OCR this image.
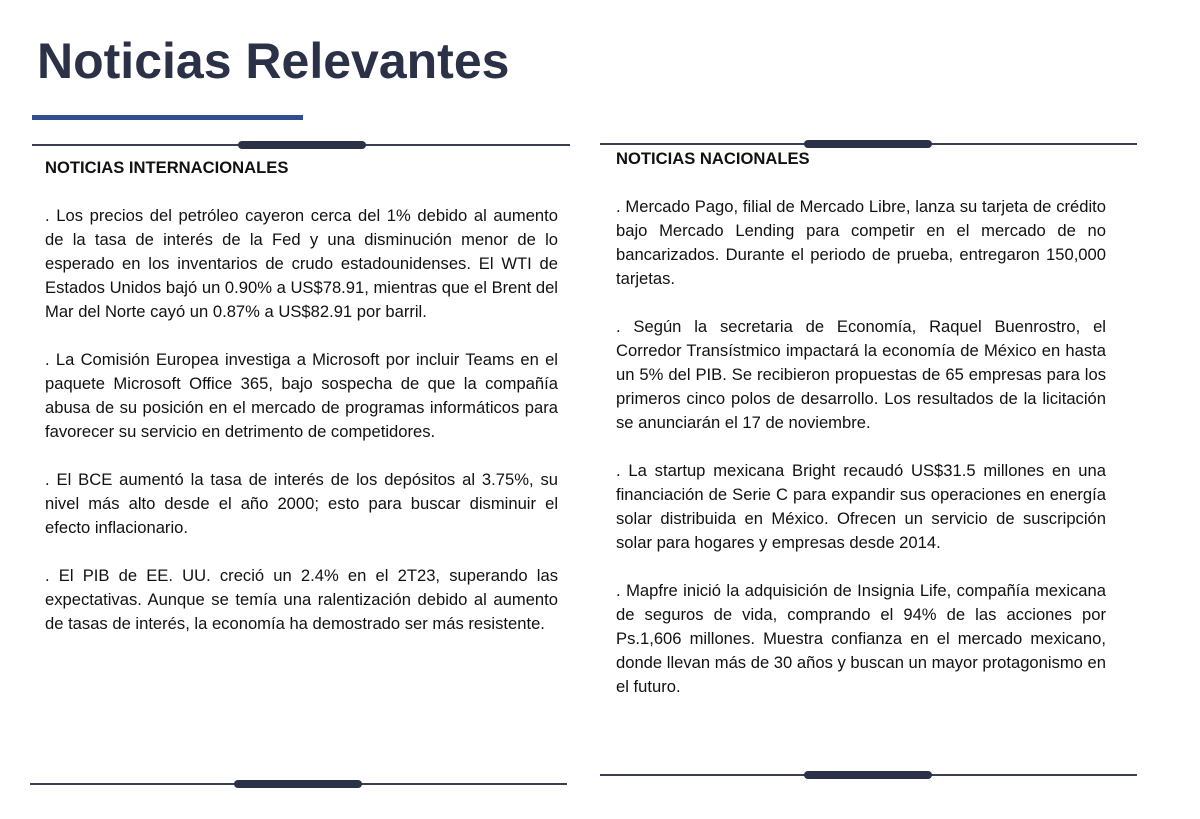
Noticias Relevantes
NOTICIAS INTERNACIONALES
. Los precios del petróleo cayeron cerca del 1% debido al aumento de la tasa de interés de la Fed y una disminución menor de lo esperado en los inventarios de crudo estadounidenses. El WTI de Estados Unidos bajó un 0.90% a US$78.91, mientras que el Brent del Mar del Norte cayó un 0.87% a US$82.91 por barril.
. La Comisión Europea investiga a Microsoft por incluir Teams en el paquete Microsoft Office 365, bajo sospecha de que la compañía abusa de su posición en el mercado de programas informáticos para favorecer su servicio en detrimento de competidores.
. El BCE aumentó la tasa de interés de los depósitos al 3.75%, su nivel más alto desde el año 2000; esto para buscar disminuir el efecto inflacionario.
. El PIB de EE. UU. creció un 2.4% en el 2T23, superando las expectativas. Aunque se temía una ralentización debido al aumento de tasas de interés, la economía ha demostrado ser más resistente.
NOTICIAS NACIONALES
. Mercado Pago, filial de Mercado Libre, lanza su tarjeta de crédito bajo Mercado Lending para competir en el mercado de no bancarizados. Durante el periodo de prueba, entregaron 150,000 tarjetas.
. Según la secretaria de Economía, Raquel Buenrostro, el Corredor Transístmico impactará la economía de México en hasta un 5% del PIB. Se recibieron propuestas de 65 empresas para los primeros cinco polos de desarrollo. Los resultados de la licitación se anunciarán el 17 de noviembre.
. La startup mexicana Bright recaudó US$31.5 millones en una financiación de Serie C para expandir sus operaciones en energía solar distribuida en México. Ofrecen un servicio de suscripción solar para hogares y empresas desde 2014.
. Mapfre inició la adquisición de Insignia Life, compañía mexicana de seguros de vida, comprando el 94% de las acciones por Ps.1,606 millones. Muestra confianza en el mercado mexicano, donde llevan más de 30 años y buscan un mayor protagonismo en el futuro.
